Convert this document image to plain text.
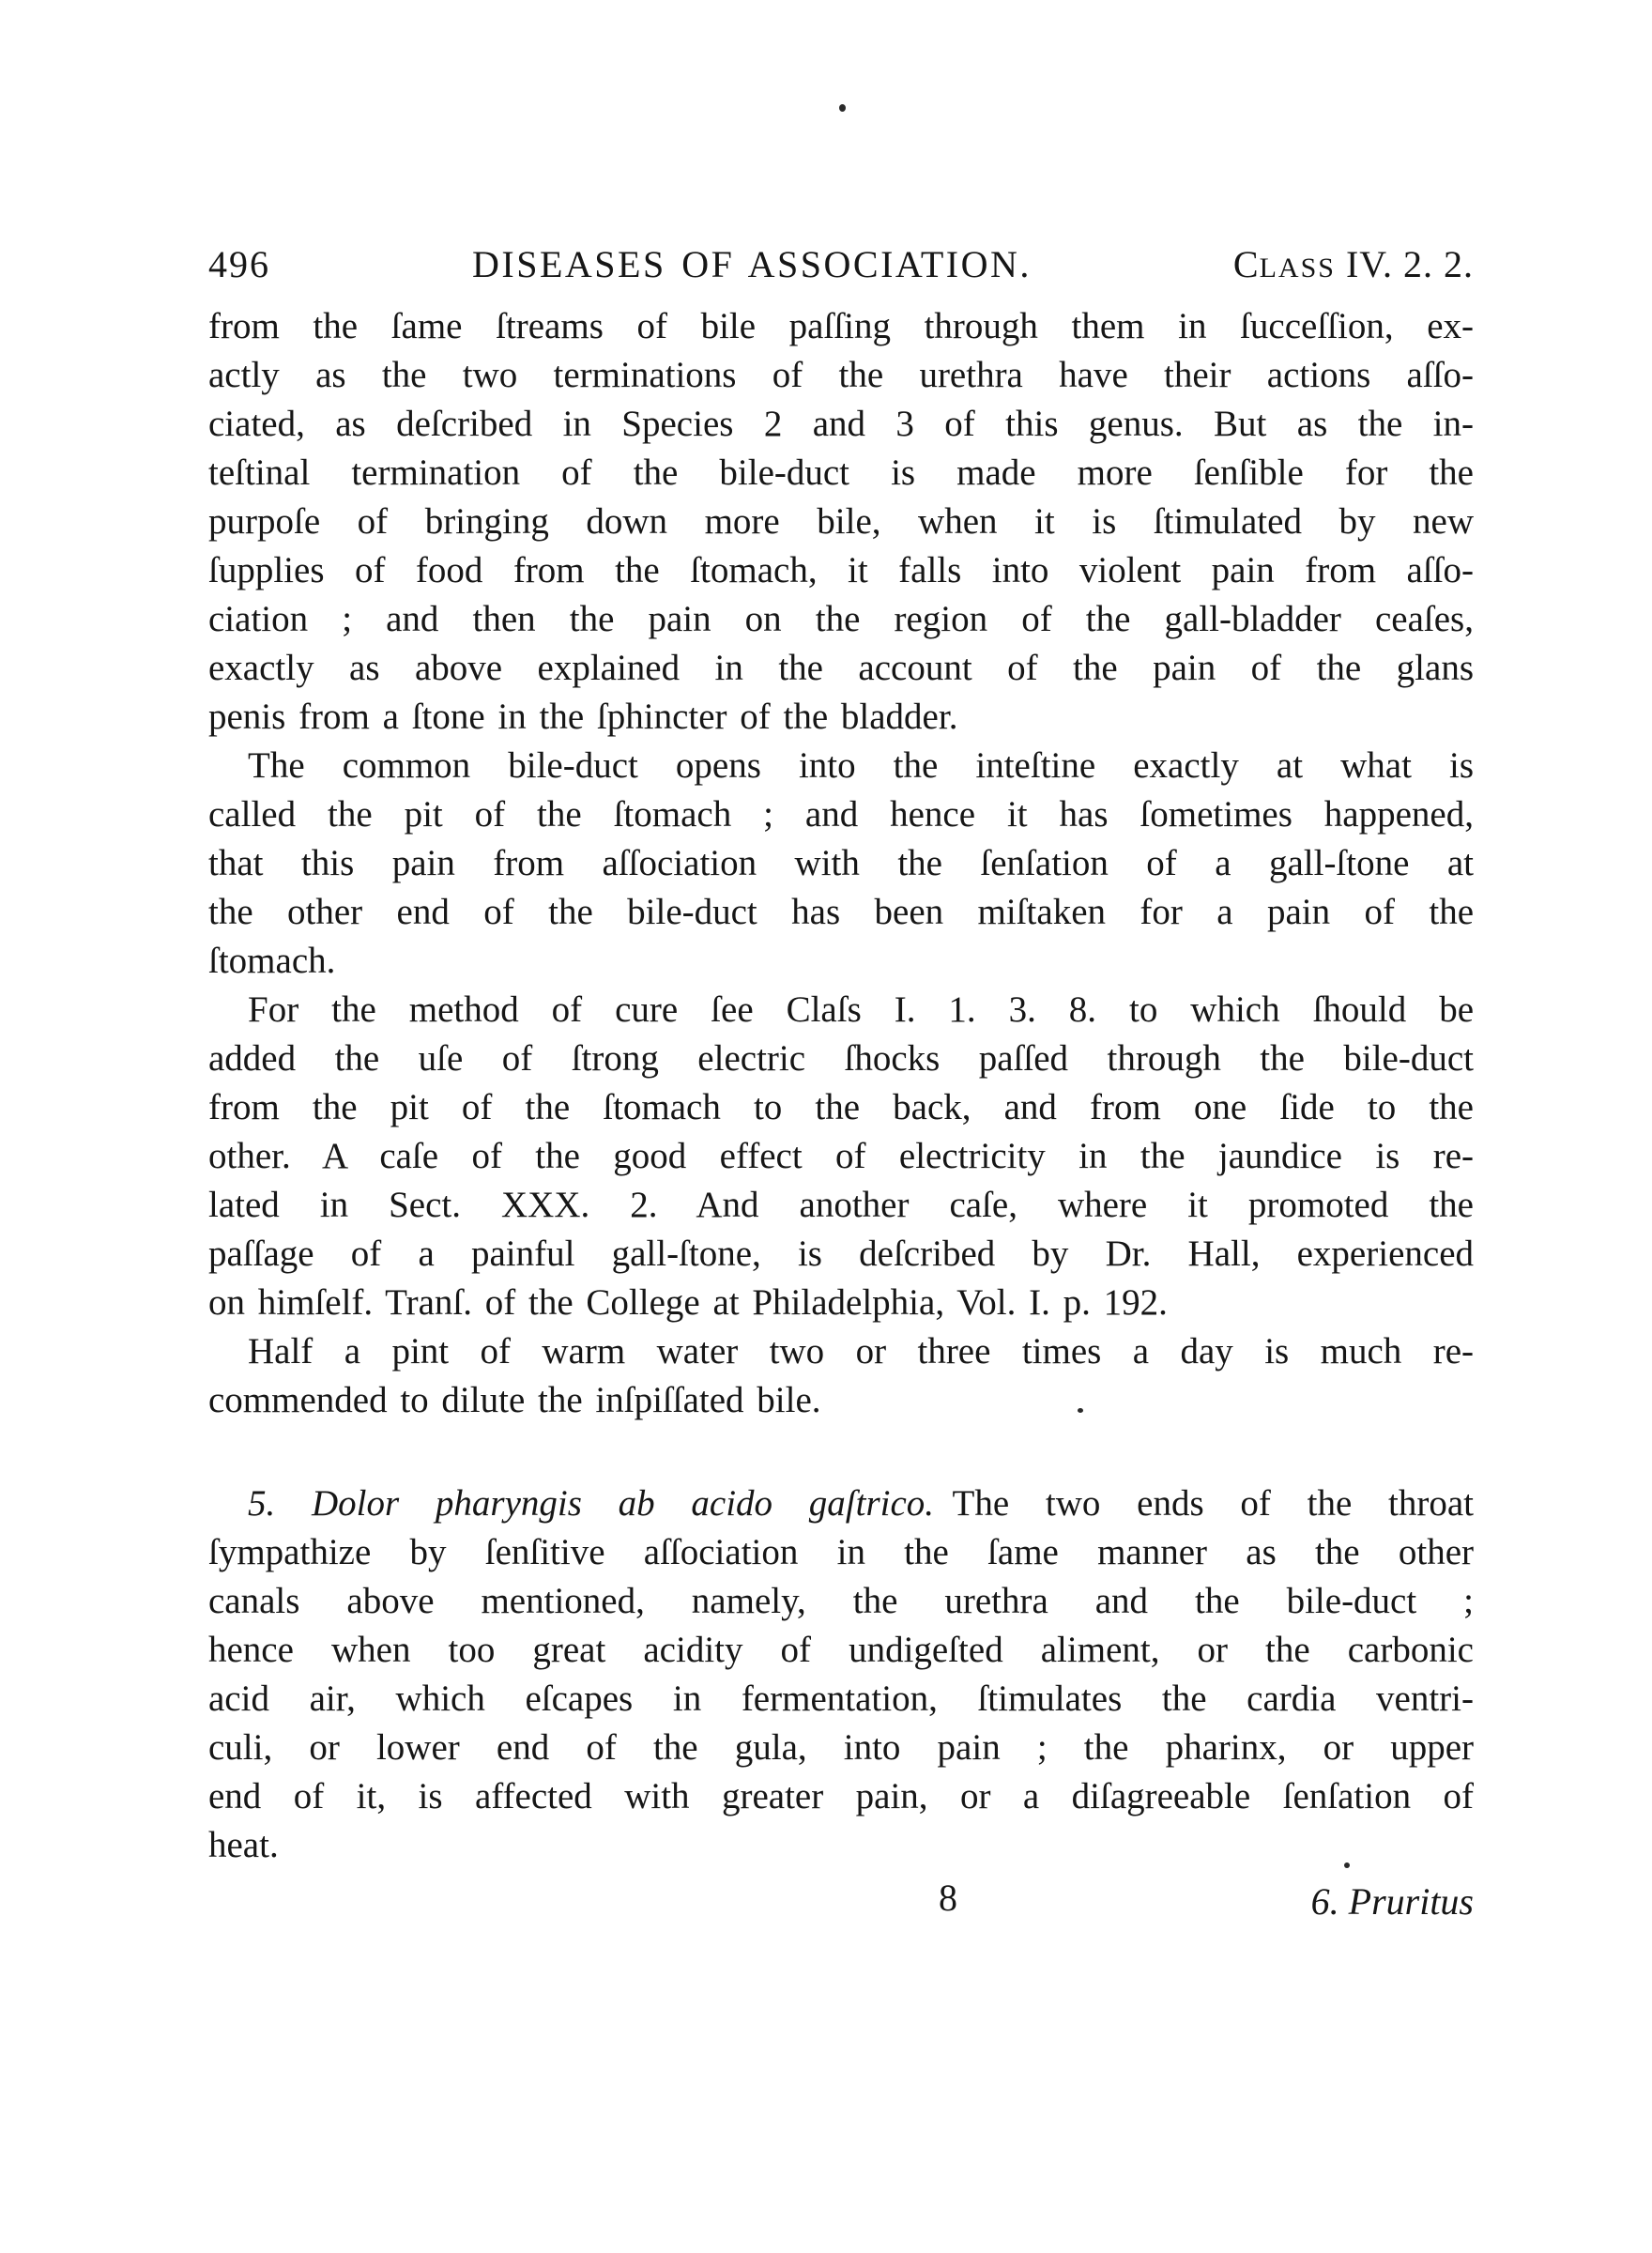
496	DISEASES OF ASSOCIATION.	CLASS IV. 2. 2.
from the ſame ſtreams of bile paſſing through them in ſucceſſion, ex-
actly as the two terminations of the urethra have their actions aſſo-
ciated, as deſcribed in Species 2 and 3 of this genus. But as the in-
teſtinal termination of the bile-duct is made more ſenſible for the
purpoſe of bringing down more bile, when it is ſtimulated by new
ſupplies of food from the ſtomach, it falls into violent pain from aſſo-
ciation ; and then the pain on the region of the gall-bladder ceaſes,
exactly as above explained in the account of the pain of the glans
penis from a ſtone in the ſphincter of the bladder.
The common bile-duct opens into the inteſtine exactly at what is
called the pit of the ſtomach ; and hence it has ſometimes happened,
that this pain from aſſociation with the ſenſation of a gall-ſtone at
the other end of the bile-duct has been miſtaken for a pain of the
ſtomach.
For the method of cure ſee Claſs I. 1. 3. 8. to which ſhould be
added the uſe of ſtrong electric ſhocks paſſed through the bile-duct
from the pit of the ſtomach to the back, and from one ſide to the
other. A caſe of the good effect of electricity in the jaundice is re-
lated in Sect. XXX. 2. And another caſe, where it promoted the
paſſage of a painful gall-ſtone, is deſcribed by Dr. Hall, experienced
on himſelf. Tranſ. of the College at Philadelphia, Vol. I. p. 192.
Half a pint of warm water two or three times a day is much re-
commended to dilute the inſpiſſated bile.
5. Dolor pharyngis ab acido gaſtrico.  The two ends of the throat
ſympathize by ſenſitive aſſociation in the ſame manner as the other
canals above mentioned, namely, the urethra and the bile-duct ;
hence when too great acidity of undigeſted aliment, or the carbonic
acid air, which eſcapes in fermentation, ſtimulates the cardia ventri-
culi, or lower end of the gula, into pain ; the pharinx, or upper
end of it, is affected with greater pain, or a diſagreeable ſenſation of
heat.
8	6. Pruritus
